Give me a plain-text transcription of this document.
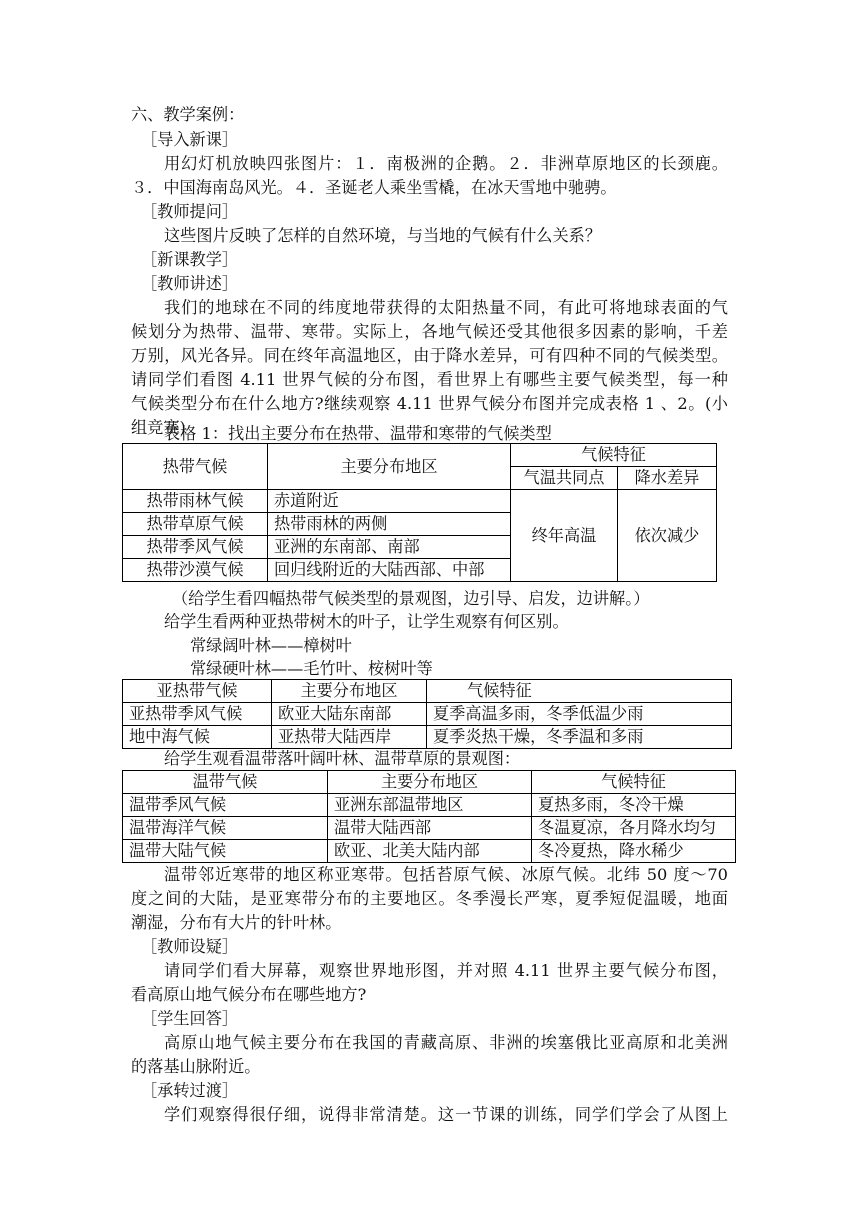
六、教学案例：
［导入新课］
用幻灯机放映四张图片：１．南极洲的企鹅。２．非洲草原地区的长颈鹿。
３．中国海南岛风光。４．圣诞老人乘坐雪橇，在冰天雪地中驰骋。
［教师提问］
这些图片反映了怎样的自然环境，与当地的气候有什么关系？
［新课教学］
［教师讲述］
我们的地球在不同的纬度地带获得的太阳热量不同，有此可将地球表面的气
候划分为热带、温带、寒带。实际上，各地气候还受其他很多因素的影响，千差
万别，风光各异。同在终年高温地区，由于降水差异，可有四种不同的气候类型。
请同学们看图 4.11 世界气候的分布图，看世界上有哪些主要气候类型，每一种
气候类型分布在什么地方?继续观察 4.11 世界气候分布图并完成表格 1 、2。(小
组竞赛)
表格 1：找出主要分布在热带、温带和寒带的气候类型
热带气候	主要分布地区	气候特征	
		气温共同点	降水差异
热带雨林气候	赤道附近	终年高温	依次减少
热带草原气候	热带雨林的两侧		
热带季风气候	亚洲的东南部、南部		
热带沙漠气候	回归线附近的大陆西部、中部		
（给学生看四幅热带气候类型的景观图，边引导、启发，边讲解。）
给学生看两种亚热带树木的叶子，让学生观察有何区别。
常绿阔叶林——樟树叶
常绿硬叶林——毛竹叶、桉树叶等
亚热带气候	主要分布地区	气候特征
亚热带季风气候	欧亚大陆东南部	夏季高温多雨，冬季低温少雨
地中海气候	亚热带大陆西岸	夏季炎热干燥，冬季温和多雨
给学生观看温带落叶阔叶林、温带草原的景观图：
温带气候	主要分布地区	气候特征
温带季风气候	亚洲东部温带地区	夏热多雨，冬冷干燥
温带海洋气候	温带大陆西部	冬温夏凉，各月降水均匀
温带大陆气候	欧亚、北美大陆内部	冬冷夏热，降水稀少
温带邻近寒带的地区称亚寒带。包括苔原气候、冰原气候。北纬 50 度～70
度之间的大陆，是亚寒带分布的主要地区。冬季漫长严寒，夏季短促温暖，地面
潮湿，分布有大片的针叶林。
［教师设疑］
请同学们看大屏幕，观察世界地形图，并对照 4.11 世界主要气候分布图，
看高原山地气候分布在哪些地方?
［学生回答］
高原山地气候主要分布在我国的青藏高原、非洲的埃塞俄比亚高原和北美洲
的落基山脉附近。
［承转过渡］
学们观察得很仔细，说得非常清楚。这一节课的训练，同学们学会了从图上
